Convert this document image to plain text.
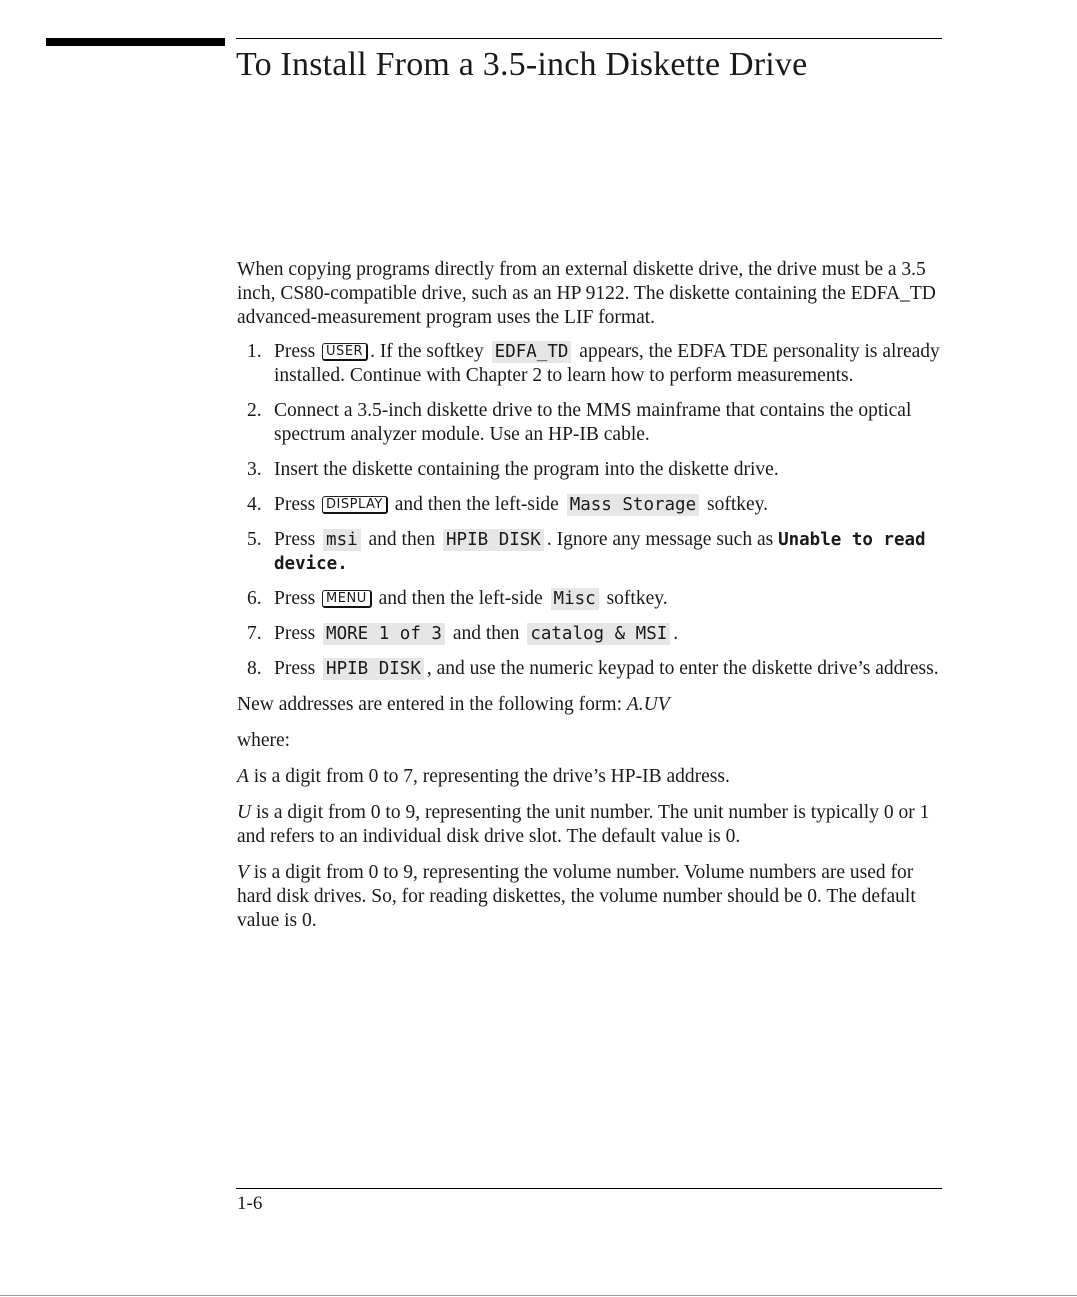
To Install From a 3.5-inch Diskette Drive

When copying programs directly from an external diskette drive, the drive must be a 3.5 inch, CS80-compatible drive, such as an HP 9122. The diskette containing the EDFA_TD advanced-measurement program uses the LIF format.

1. Press USER . If the softkey EDFA_TD appears, the EDFA TDE personality is already installed. Continue with Chapter 2 to learn how to perform measurements.
2. Connect a 3.5-inch diskette drive to the MMS mainframe that contains the optical spectrum analyzer module. Use an HP-IB cable.
3. Insert the diskette containing the program into the diskette drive.
4. Press DISPLAY and then the left-side Mass Storage softkey.
5. Press msi and then HPIB DISK . Ignore any message such as Unable to read device.
6. Press MENU and then the left-side Misc softkey.
7. Press MORE 1 of 3 and then catalog & MSI .
8. Press HPIB DISK , and use the numeric keypad to enter the diskette drive’s address.

New addresses are entered in the following form: A.UV

where:

A is a digit from 0 to 7, representing the drive’s HP-IB address.

U is a digit from 0 to 9, representing the unit number. The unit number is typically 0 or 1 and refers to an individual disk drive slot. The default value is 0.

V is a digit from 0 to 9, representing the volume number. Volume numbers are used for hard disk drives. So, for reading diskettes, the volume number should be 0. The default value is 0.

1-6
